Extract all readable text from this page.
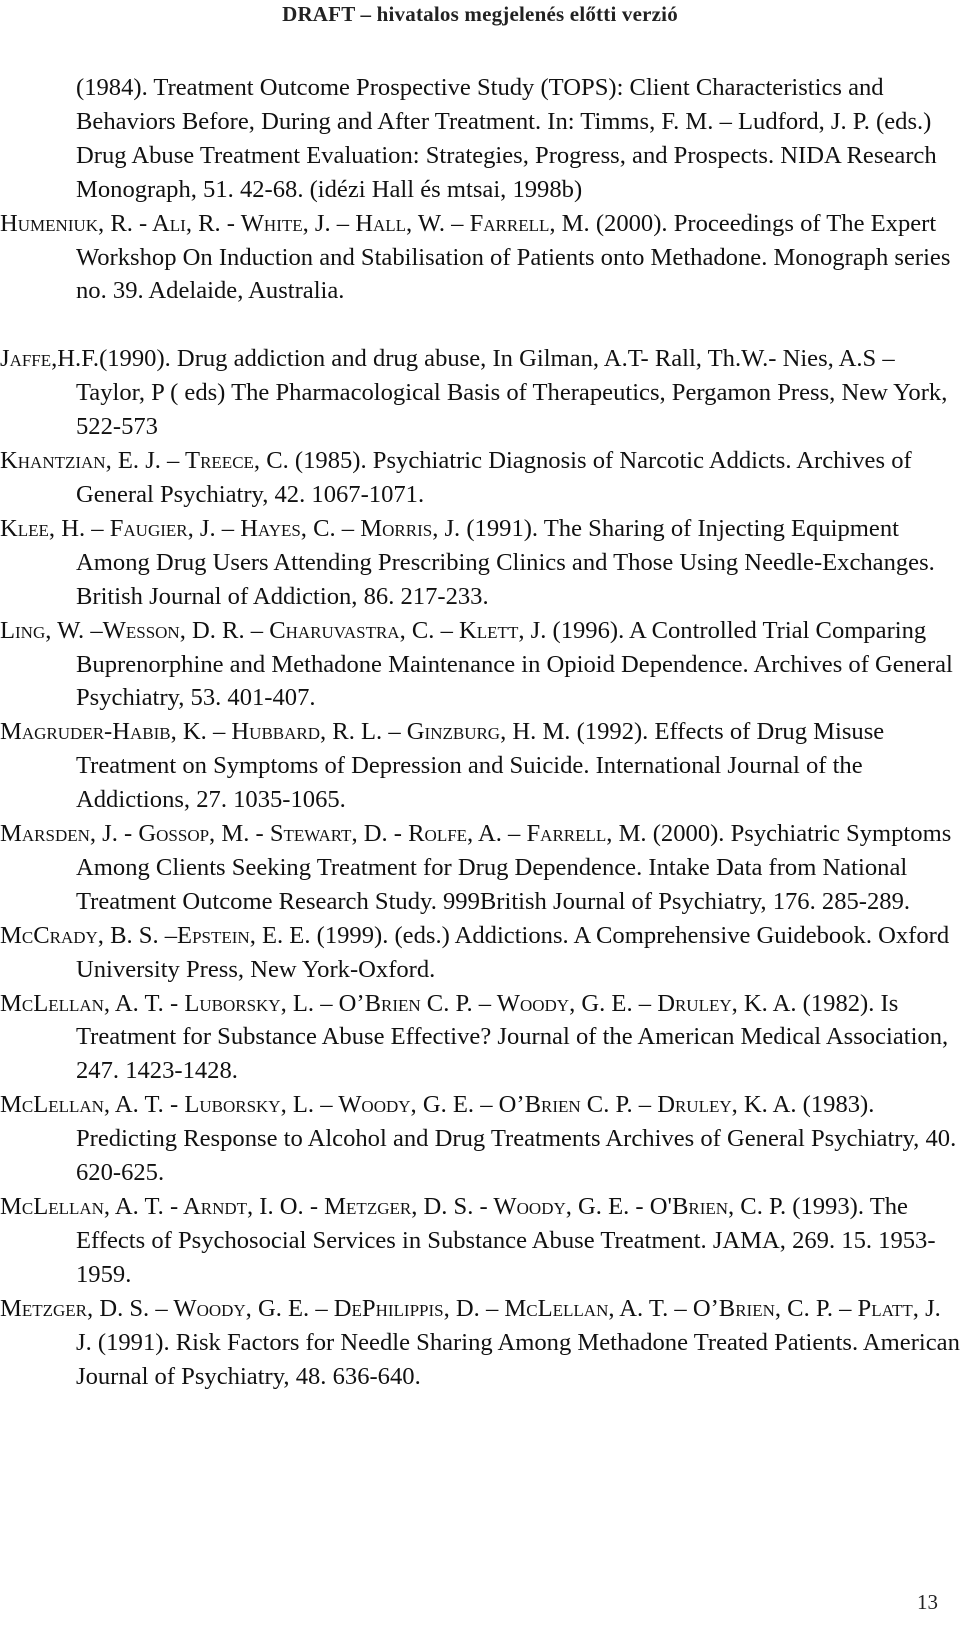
DRAFT – hivatalos megjelenés előtti verzió

(1984). Treatment Outcome Prospective Study (TOPS): Client Characteristics and Behaviors Before, During and After Treatment. In: Timms, F. M. – Ludford, J. P. (eds.) Drug Abuse Treatment Evaluation: Strategies, Progress, and Prospects. NIDA Research Monograph, 51. 42-68. (idézi Hall és mtsai, 1998b)

Humeniuk, R. - Ali, R. - White, J. – Hall, W. – Farrell, M. (2000). Proceedings of The Expert Workshop On Induction and Stabilisation of Patients onto Methadone. Monograph series no. 39. Adelaide, Australia.

Jaffe,H.F.(1990). Drug addiction and drug abuse, In Gilman, A.T- Rall, Th.W.- Nies, A.S – Taylor, P ( eds) The Pharmacological Basis of Therapeutics, Pergamon Press, New York, 522-573

Khantzian, E. J. – Treece, C. (1985). Psychiatric Diagnosis of Narcotic Addicts. Archives of General Psychiatry, 42. 1067-1071.

Klee, H. – Faugier, J. – Hayes, C. – Morris, J. (1991). The Sharing of Injecting Equipment Among Drug Users Attending Prescribing Clinics and Those Using Needle-Exchanges. British Journal of Addiction, 86. 217-233.

Ling, W. –Wesson, D. R. – Charuvastra, C. – Klett, J. (1996). A Controlled Trial Comparing Buprenorphine and Methadone Maintenance in Opioid Dependence. Archives of General Psychiatry, 53. 401-407.

Magruder-Habib, K. – Hubbard, R. L. – Ginzburg, H. M. (1992). Effects of Drug Misuse Treatment on Symptoms of Depression and Suicide. International Journal of the Addictions, 27. 1035-1065.

Marsden, J. - Gossop, M. - Stewart, D. - Rolfe, A. – Farrell, M. (2000). Psychiatric Symptoms Among Clients Seeking Treatment for Drug Dependence. Intake Data from National Treatment Outcome Research Study. 999British Journal of Psychiatry, 176. 285-289.

McCrady, B. S. –Epstein, E. E. (1999). (eds.) Addictions. A Comprehensive Guidebook. Oxford University Press, New York-Oxford.

McLellan, A. T. - Luborsky, L. – O’Brien C. P. – Woody, G. E. – Druley, K. A. (1982). Is Treatment for Substance Abuse Effective? Journal of the American Medical Association, 247. 1423-1428.

McLellan, A. T. - Luborsky, L. – Woody, G. E. – O’Brien C. P. – Druley, K. A. (1983). Predicting Response to Alcohol and Drug Treatments Archives of General Psychiatry, 40. 620-625.

McLellan, A. T. - Arndt, I. O. - Metzger, D. S. - Woody, G. E. - O'Brien, C. P. (1993). The Effects of Psychosocial Services in Substance Abuse Treatment. JAMA, 269. 15. 1953-1959.

Metzger, D. S. – Woody, G. E. – DePhilippis, D. – McLellan, A. T. – O’Brien, C. P. – Platt, J. J. (1991). Risk Factors for Needle Sharing Among Methadone Treated Patients. American Journal of Psychiatry, 48. 636-640.

13
